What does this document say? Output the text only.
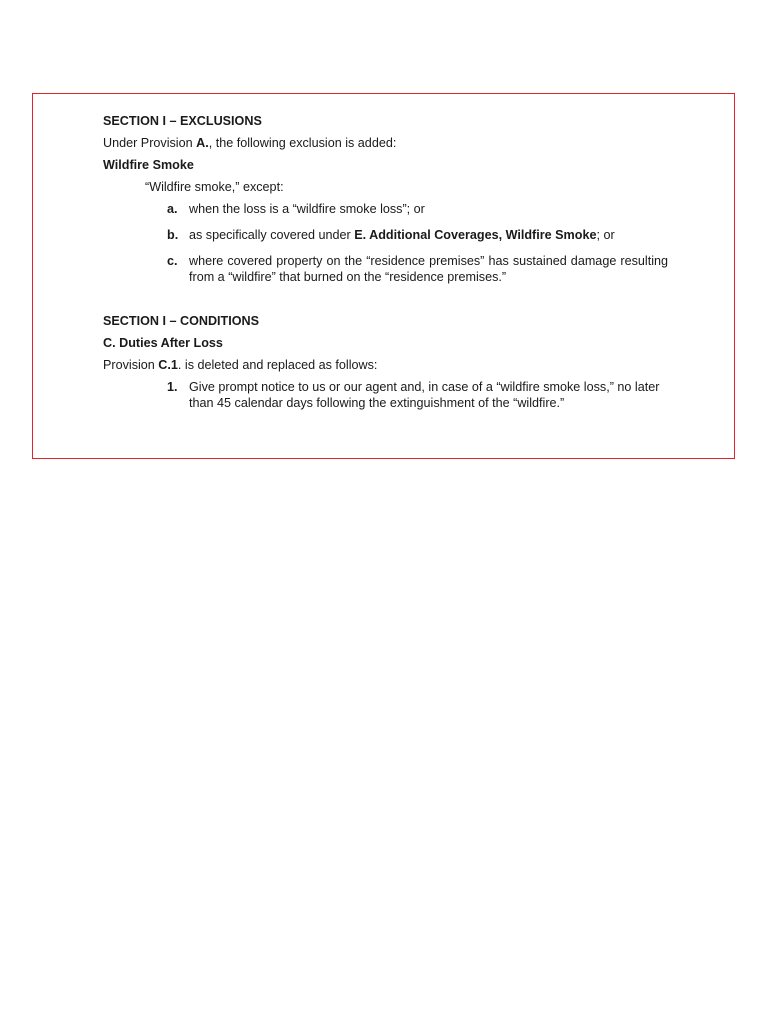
SECTION I – EXCLUSIONS

Under Provision A., the following exclusion is added:

Wildfire Smoke

“Wildfire smoke,” except:

a. when the loss is a “wildfire smoke loss”; or
b. as specifically covered under E. Additional Coverages, Wildfire Smoke; or
c. where covered property on the “residence premises” has sustained damage resulting from a “wildfire” that burned on the “residence premises.”

SECTION I – CONDITIONS

C. Duties After Loss

Provision C.1. is deleted and replaced as follows:

1. Give prompt notice to us or our agent and, in case of a “wildfire smoke loss,” no later than 45 calendar days following the extinguishment of the “wildfire.”
